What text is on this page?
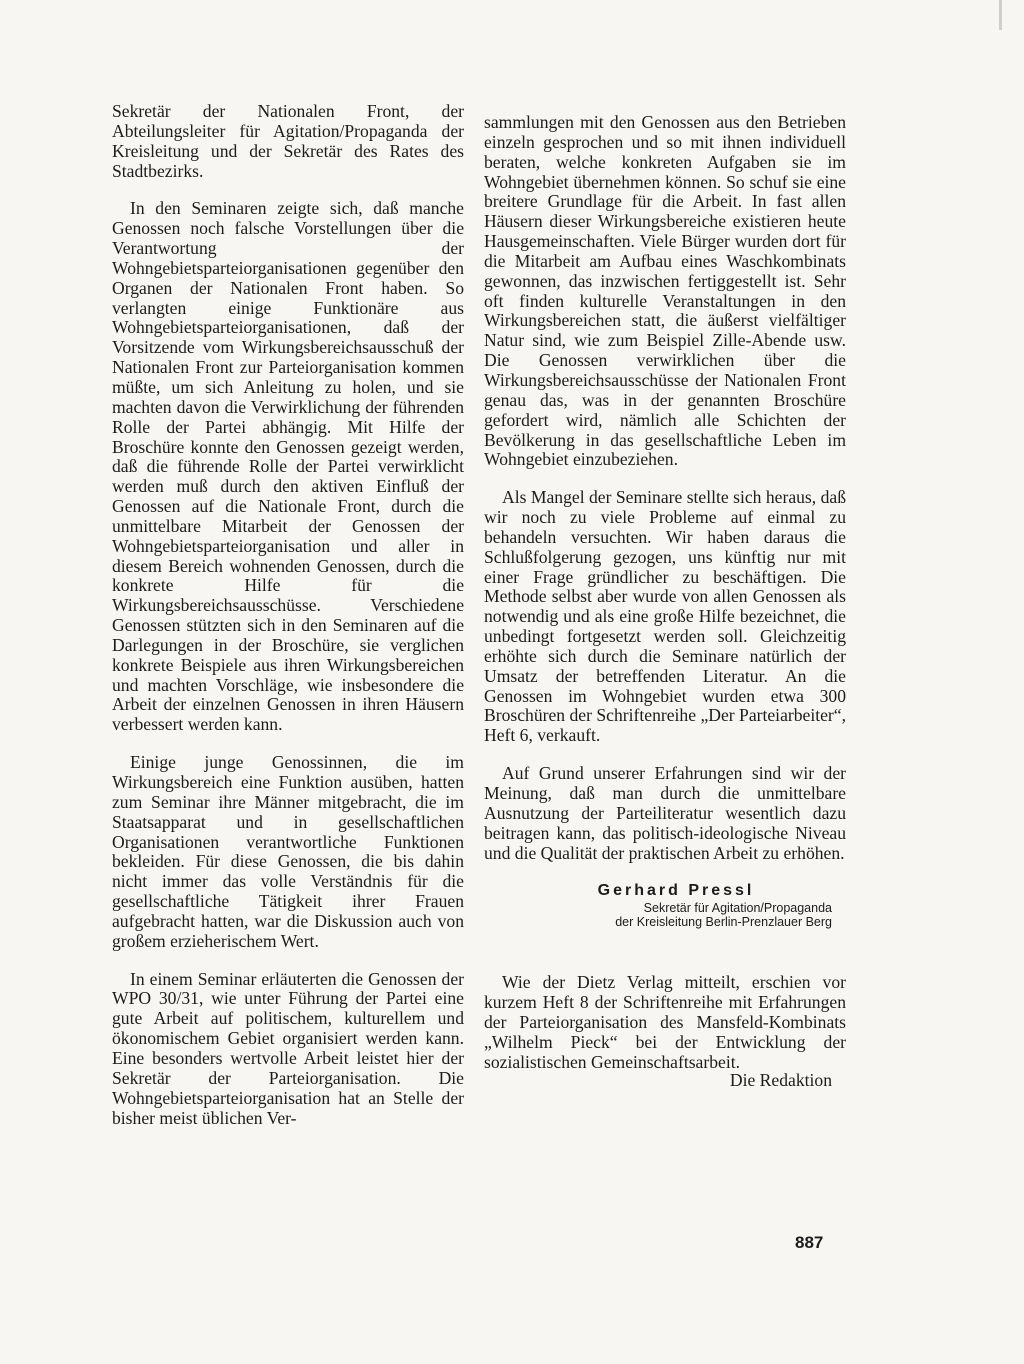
Sekretär der Nationalen Front, der Abteilungsleiter für Agitation/Propaganda der Kreisleitung und der Sekretär des Rates des Stadtbezirks.

In den Seminaren zeigte sich, daß manche Genossen noch falsche Vorstellungen über die Verantwortung der Wohngebietsparteiorganisationen gegenüber den Organen der Nationalen Front haben. So verlangten einige Funktionäre aus Wohngebietsparteiorganisationen, daß der Vorsitzende vom Wirkungsbereichsausschuß der Nationalen Front zur Parteiorganisation kommen müßte, um sich Anleitung zu holen, und sie machten davon die Verwirklichung der führenden Rolle der Partei abhängig. Mit Hilfe der Broschüre konnte den Genossen gezeigt werden, daß die führende Rolle der Partei verwirklicht werden muß durch den aktiven Einfluß der Genossen auf die Nationale Front, durch die unmittelbare Mitarbeit der Genossen der Wohngebietsparteiorganisation und aller in diesem Bereich wohnenden Genossen, durch die konkrete Hilfe für die Wirkungsbereichsausschüsse. Verschiedene Genossen stützten sich in den Seminaren auf die Darlegungen in der Broschüre, sie verglichen konkrete Beispiele aus ihren Wirkungsbereichen und machten Vorschläge, wie insbesondere die Arbeit der einzelnen Genossen in ihren Häusern verbessert werden kann.

Einige junge Genossinnen, die im Wirkungsbereich eine Funktion ausüben, hatten zum Seminar ihre Männer mitgebracht, die im Staatsapparat und in gesellschaftlichen Organisationen verantwortliche Funktionen bekleiden. Für diese Genossen, die bis dahin nicht immer das volle Verständnis für die gesellschaftliche Tätigkeit ihrer Frauen aufgebracht hatten, war die Diskussion auch von großem erzieherischem Wert.

In einem Seminar erläuterten die Genossen der WPO 30/31, wie unter Führung der Partei eine gute Arbeit auf politischem, kulturellem und ökonomischem Gebiet organisiert werden kann. Eine besonders wertvolle Arbeit leistet hier der Sekretär der Parteiorganisation. Die Wohngebietsparteiorganisation hat an Stelle der bisher meist üblichen Ver-

sammlungen mit den Genossen aus den Betrieben einzeln gesprochen und so mit ihnen individuell beraten, welche konkreten Aufgaben sie im Wohngebiet übernehmen können. So schuf sie eine breitere Grundlage für die Arbeit. In fast allen Häusern dieser Wirkungsbereiche existieren heute Hausgemeinschaften. Viele Bürger wurden dort für die Mitarbeit am Aufbau eines Waschkombinats gewonnen, das inzwischen fertiggestellt ist. Sehr oft finden kulturelle Veranstaltungen in den Wirkungsbereichen statt, die äußerst vielfältiger Natur sind, wie zum Beispiel Zille-Abende usw. Die Genossen verwirklichen über die Wirkungsbereichsausschüsse der Nationalen Front genau das, was in der genannten Broschüre gefordert wird, nämlich alle Schichten der Bevölkerung in das gesellschaftliche Leben im Wohngebiet einzubeziehen.

Als Mangel der Seminare stellte sich heraus, daß wir noch zu viele Probleme auf einmal zu behandeln versuchten. Wir haben daraus die Schlußfolgerung gezogen, uns künftig nur mit einer Frage gründlicher zu beschäftigen. Die Methode selbst aber wurde von allen Genossen als notwendig und als eine große Hilfe bezeichnet, die unbedingt fortgesetzt werden soll. Gleichzeitig erhöhte sich durch die Seminare natürlich der Umsatz der betreffenden Literatur. An die Genossen im Wohngebiet wurden etwa 300 Broschüren der Schriftenreihe „Der Parteiarbeiter“, Heft 6, verkauft.

Auf Grund unserer Erfahrungen sind wir der Meinung, daß man durch die unmittelbare Ausnutzung der Parteiliteratur wesentlich dazu beitragen kann, das politisch-ideologische Niveau und die Qualität der praktischen Arbeit zu erhöhen.

Gerhard Pressl
Sekretär für Agitation/Propaganda
der Kreisleitung Berlin-Prenzlauer Berg

Wie der Dietz Verlag mitteilt, erschien vor kurzem Heft 8 der Schriftenreihe mit Erfahrungen der Parteiorganisation des Mansfeld-Kombinats „Wilhelm Pieck“ bei der Entwicklung der sozialistischen Gemeinschaftsarbeit.

Die Redaktion
887
